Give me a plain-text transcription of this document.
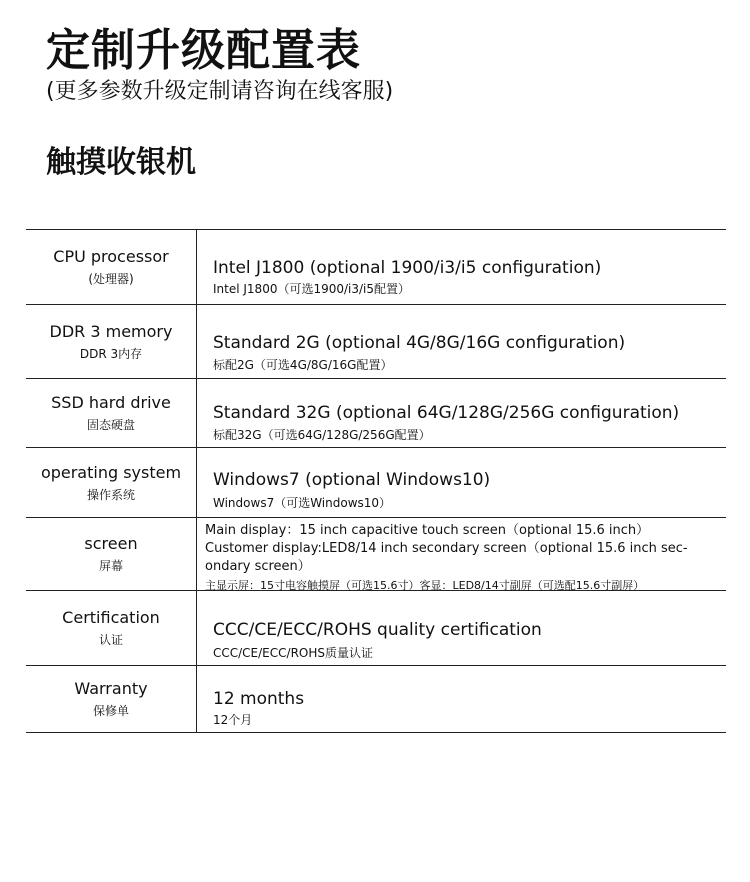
定制升级配置表
(更多参数升级定制请咨询在线客服)
触摸收银机
CPU processor
(处理器)
Intel J1800 (optional 1900/i3/i5 configuration)
Intel J1800（可选1900/i3/i5配置）
DDR 3 memory
DDR 3内存
Standard 2G (optional 4G/8G/16G configuration)
标配2G（可选4G/8G/16G配置）
SSD hard drive
固态硬盘
Standard 32G (optional 64G/128G/256G configuration)
标配32G（可选64G/128G/256G配置）
operating system
操作系统
Windows7 (optional Windows10)
Windows7（可选Windows10）
screen
屏幕
Main display：15 inch capacitive touch screen（optional 15.6 inch）
Customer display:LED8/14 inch secondary screen（optional 15.6 inch sec-
ondary screen）
主显示屏：15寸电容触摸屏（可选15.6寸）客显：LED8/14寸副屏（可选配15.6寸副屏）
Certification
认证	CCC/CE/ECC/ROHS quality certification
CCC/CE/ECC/ROHS质量认证
Warranty
保修单
12 months
12个月
